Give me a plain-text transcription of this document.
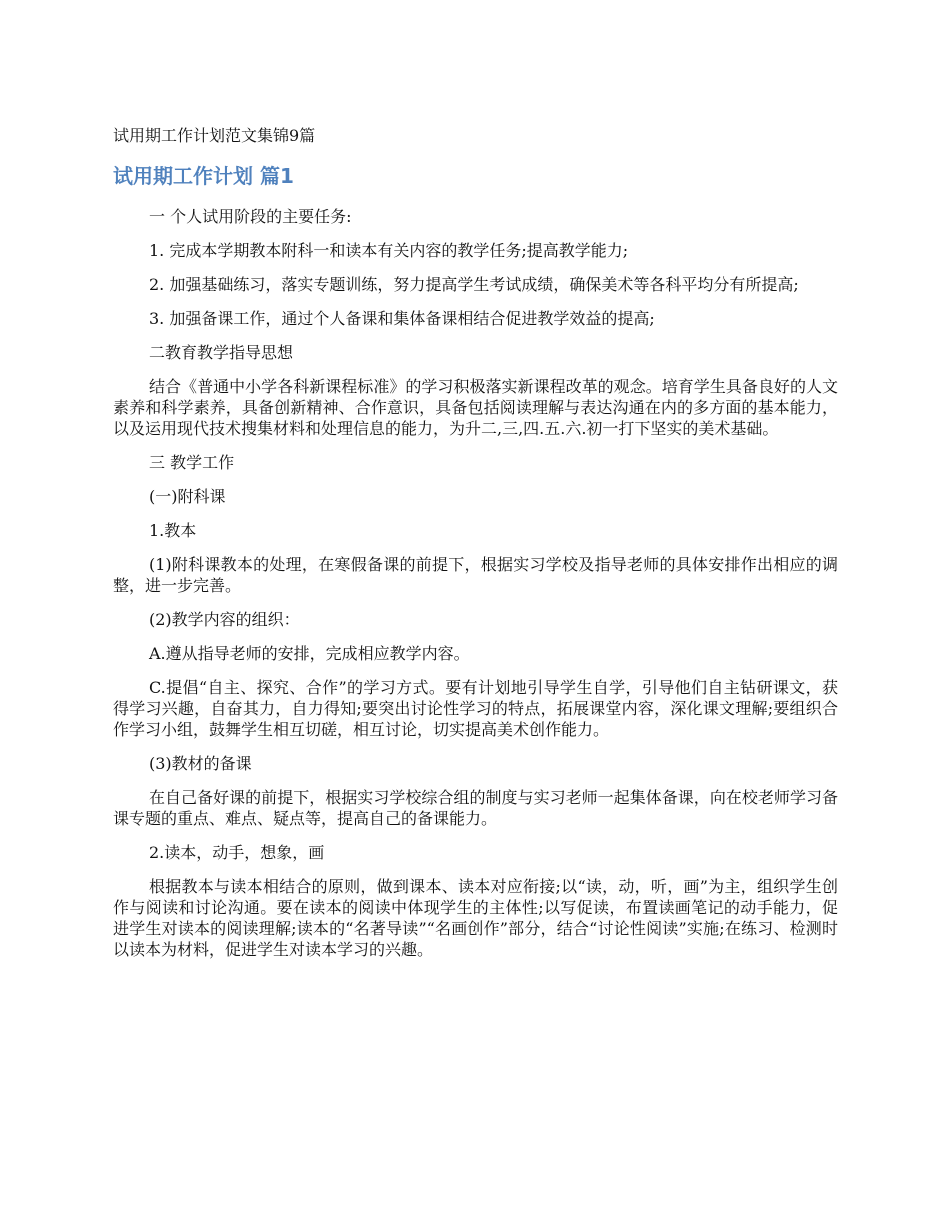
试用期工作计划范文集锦9篇
试用期工作计划 篇1

一 个人试用阶段的主要任务:

1. 完成本学期教本附科一和读本有关内容的教学任务;提高教学能力;

2. 加强基础练习，落实专题训练，努力提高学生考试成绩，确保美术等各科平均分有所提高;

3. 加强备课工作，通过个人备课和集体备课相结合促进教学效益的提高;

二教育教学指导思想

结合《普通中小学各科新课程标准》的学习积极落实新课程改革的观念。培育学生具备良好的人文素养和科学素养，具备创新精神、合作意识，具备包括阅读理解与表达沟通在内的多方面的基本能力，以及运用现代技术搜集材料和处理信息的能力，为升二,三,四.五.六.初一打下坚实的美术基础。

三 教学工作

(一)附科课

1.教本

(1)附科课教本的处理，在寒假备课的前提下，根据实习学校及指导老师的具体安排作出相应的调整，进一步完善。

(2)教学内容的组织：

A.遵从指导老师的安排，完成相应教学内容。

C.提倡“自主、探究、合作”的学习方式。要有计划地引导学生自学，引导他们自主钻研课文，获得学习兴趣，自奋其力，自力得知;要突出讨论性学习的特点，拓展课堂内容，深化课文理解;要组织合作学习小组，鼓舞学生相互切磋，相互讨论，切实提高美术创作能力。

(3)教材的备课

在自己备好课的前提下，根据实习学校综合组的制度与实习老师一起集体备课，向在校老师学习备课专题的重点、难点、疑点等，提高自己的备课能力。

2.读本，动手，想象，画

根据教本与读本相结合的原则，做到课本、读本对应衔接;以“读，动，听，画”为主，组织学生创作与阅读和讨论沟通。要在读本的阅读中体现学生的主体性;以写促读，布置读画笔记的动手能力，促进学生对读本的阅读理解;读本的“名著导读”“名画创作”部分，结合“讨论性阅读”实施;在练习、检测时以读本为材料，促进学生对读本学习的兴趣。
